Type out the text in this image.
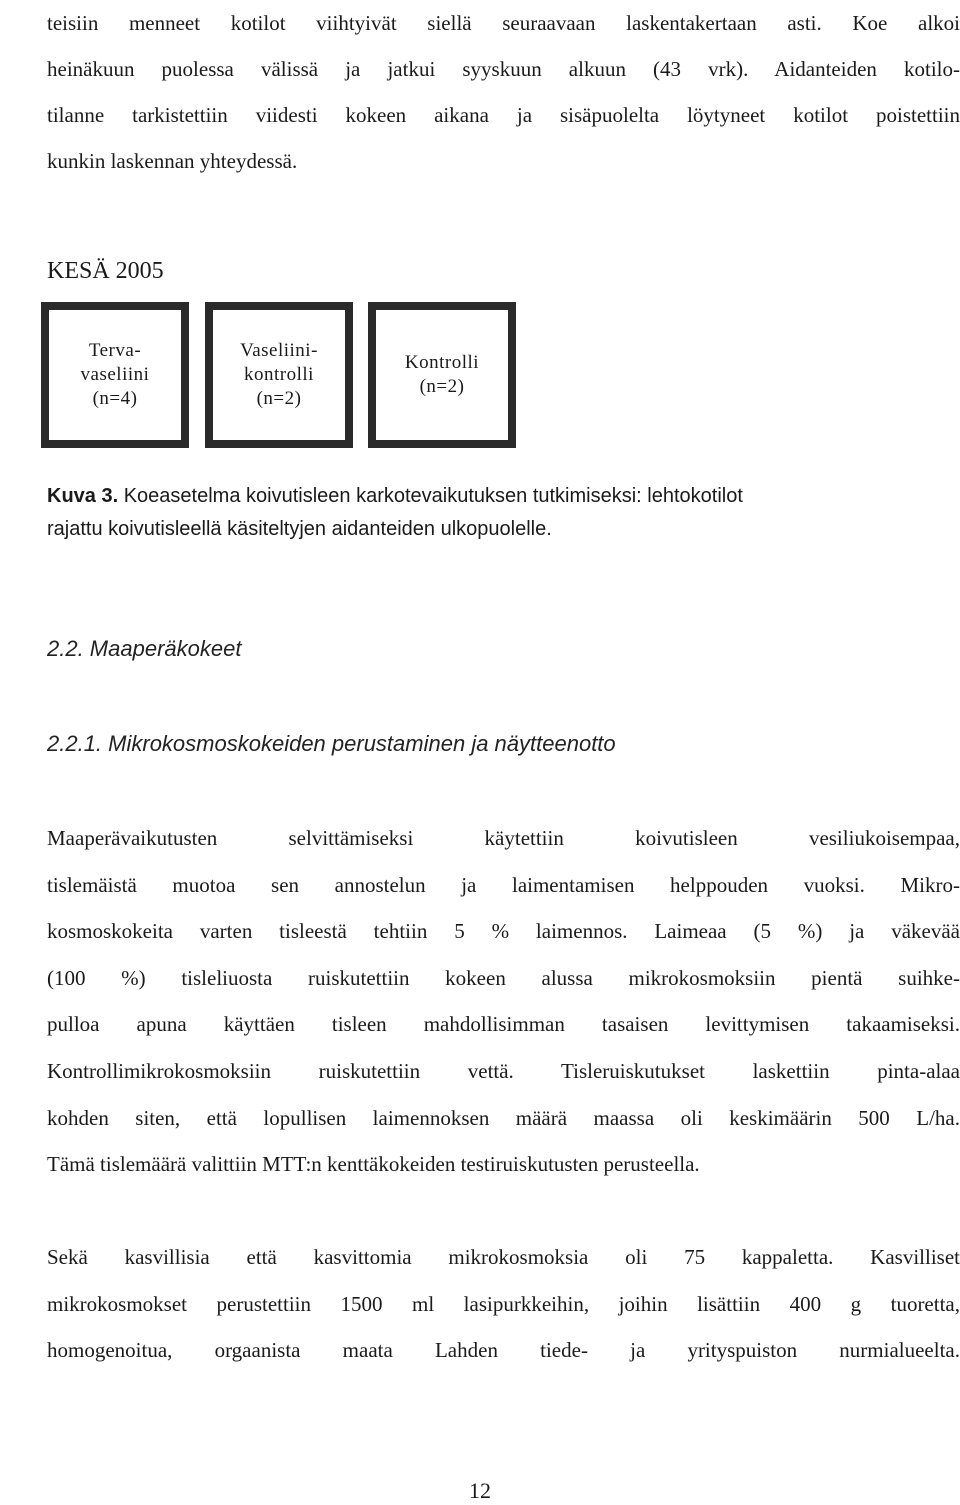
teisiin menneet kotilot viihtyivät siellä seuraavaan laskentakertaan asti. Koe alkoi
heinäkuun puolessa välissä ja jatkui syyskuun alkuun (43 vrk). Aidanteiden kotilo-
tilanne tarkistettiin viidesti kokeen aikana ja sisäpuolelta löytyneet kotilot poistettiin
kunkin laskennan yhteydessä.
KESÄ 2005
Terva-
vaseliini
(n=4)
Vaseliini-
kontrolli
(n=2)
Kontrolli
(n=2)
Kuva 3. Koeasetelma koivutisleen karkotevaikutuksen tutkimiseksi: lehtokotilot
rajattu koivutisleellä käsiteltyjen aidanteiden ulkopuolelle.
2.2. Maaperäkokeet
2.2.1. Mikrokosmoskokeiden perustaminen ja näytteenotto
Maaperävaikutusten selvittämiseksi käytettiin koivutisleen vesiliukoisempaa,
tislemäistä muotoa sen annostelun ja laimentamisen helppouden vuoksi. Mikro-
kosmoskokeita varten tisleestä tehtiin 5 % laimennos. Laimeaa (5 %) ja väkevää
(100 %) tisleliuosta ruiskutettiin kokeen alussa mikrokosmoksiin pientä suihke-
pulloa apuna käyttäen tisleen mahdollisimman tasaisen levittymisen takaamiseksi.
Kontrollimikrokosmoksiin ruiskutettiin vettä. Tisleruiskutukset laskettiin pinta-alaa
kohden siten, että lopullisen laimennoksen määrä maassa oli keskimäärin 500 L/ha.
Tämä tislemäärä valittiin MTT:n kenttäkokeiden testiruiskutusten perusteella.
Sekä kasvillisia että kasvittomia mikrokosmoksia oli 75 kappaletta. Kasvilliset
mikrokosmokset perustettiin 1500 ml lasipurkkeihin, joihin lisättiin 400 g tuoretta,
homogenoitua, orgaanista maata Lahden tiede- ja yrityspuiston nurmialueelta.
12
